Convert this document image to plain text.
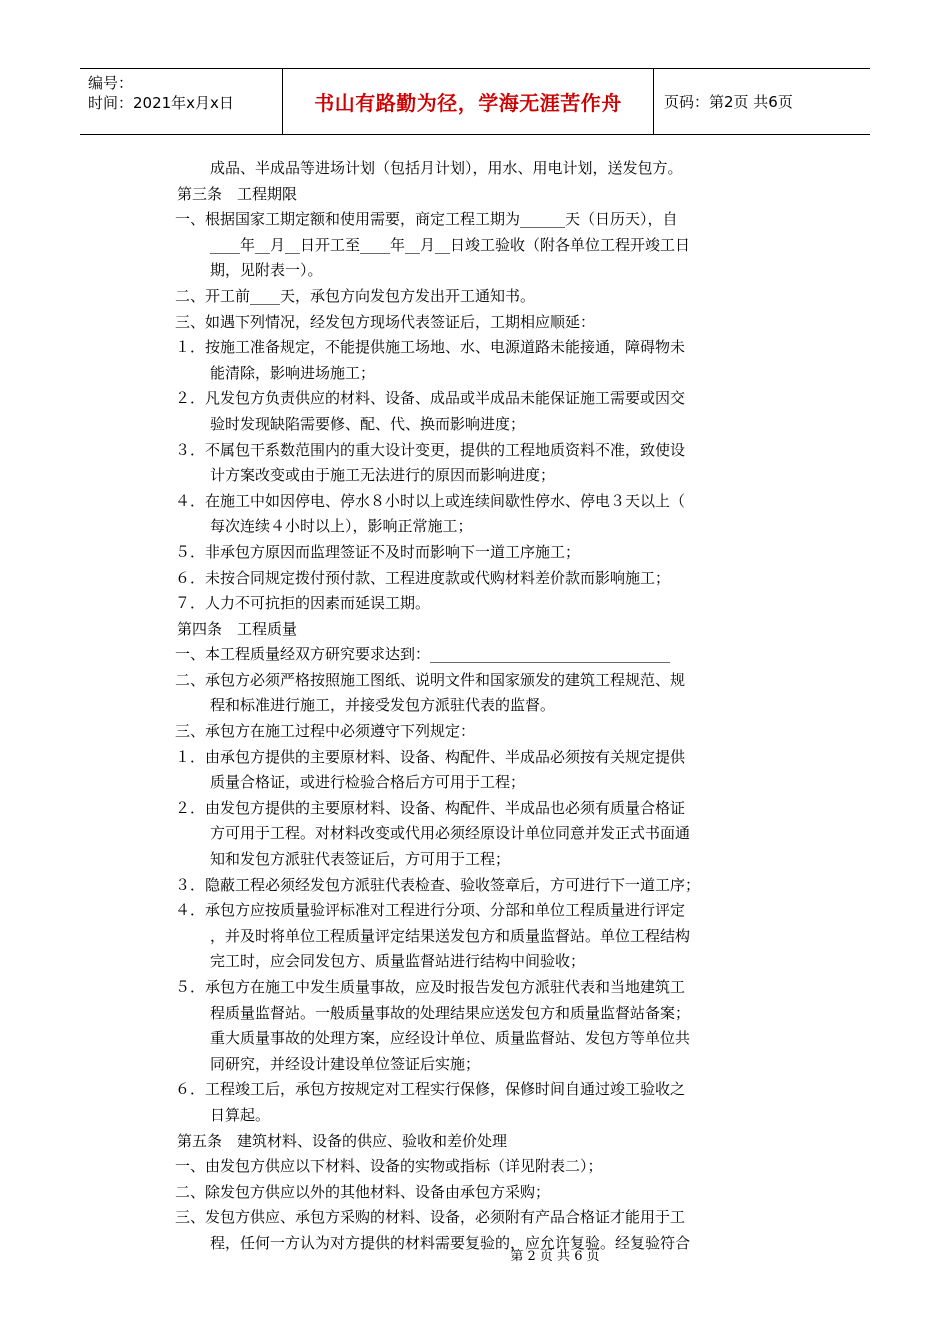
编号：
时间：2021年x月x日	书山有路勤为径，学海无涯苦作舟	页码：第2页 共6页
成品、半成品等进场计划（包括月计划），用水、用电计划，送发包方。
第三条　工程期限
一、根据国家工期定额和使用需要，商定工程工期为______天（日历天），自
____年__月__日开工至____年__月__日竣工验收（附各单位工程开竣工日
期，见附表一）。
二、开工前____天，承包方向发包方发出开工通知书。
三、如遇下列情况，经发包方现场代表签证后，工期相应顺延：
１．按施工准备规定，不能提供施工场地、水、电源道路未能接通，障碍物未
能清除，影响进场施工；
２．凡发包方负责供应的材料、设备、成品或半成品未能保证施工需要或因交
验时发现缺陷需要修、配、代、换而影响进度；
３．不属包干系数范围内的重大设计变更，提供的工程地质资料不准，致使设
计方案改变或由于施工无法进行的原因而影响进度；
４．在施工中如因停电、停水８小时以上或连续间歇性停水、停电３天以上（
每次连续４小时以上），影响正常施工；
５．非承包方原因而监理签证不及时而影响下一道工序施工；
６．未按合同规定拨付预付款、工程进度款或代购材料差价款而影响施工；
７．人力不可抗拒的因素而延误工期。
第四条　工程质量
一、本工程质量经双方研究要求达到：________________________________
二、承包方必须严格按照施工图纸、说明文件和国家颁发的建筑工程规范、规
程和标准进行施工，并接受发包方派驻代表的监督。
三、承包方在施工过程中必须遵守下列规定：
１．由承包方提供的主要原材料、设备、构配件、半成品必须按有关规定提供
质量合格证，或进行检验合格后方可用于工程；
２．由发包方提供的主要原材料、设备、构配件、半成品也必须有质量合格证
方可用于工程。对材料改变或代用必须经原设计单位同意并发正式书面通
知和发包方派驻代表签证后，方可用于工程；
３．隐蔽工程必须经发包方派驻代表检查、验收签章后，方可进行下一道工序；
４．承包方应按质量验评标准对工程进行分项、分部和单位工程质量进行评定
，并及时将单位工程质量评定结果送发包方和质量监督站。单位工程结构
完工时，应会同发包方、质量监督站进行结构中间验收；
５．承包方在施工中发生质量事故，应及时报告发包方派驻代表和当地建筑工
程质量监督站。一般质量事故的处理结果应送发包方和质量监督站备案；
重大质量事故的处理方案，应经设计单位、质量监督站、发包方等单位共
同研究，并经设计建设单位签证后实施；
６．工程竣工后，承包方按规定对工程实行保修，保修时间自通过竣工验收之
日算起。
第五条　建筑材料、设备的供应、验收和差价处理
一、由发包方供应以下材料、设备的实物或指标（详见附表二）；
二、除发包方供应以外的其他材料、设备由承包方采购；
三、发包方供应、承包方采购的材料、设备，必须附有产品合格证才能用于工
程，任何一方认为对方提供的材料需要复验的，应允许复验。经复验符合
第 2 页 共 6 页
